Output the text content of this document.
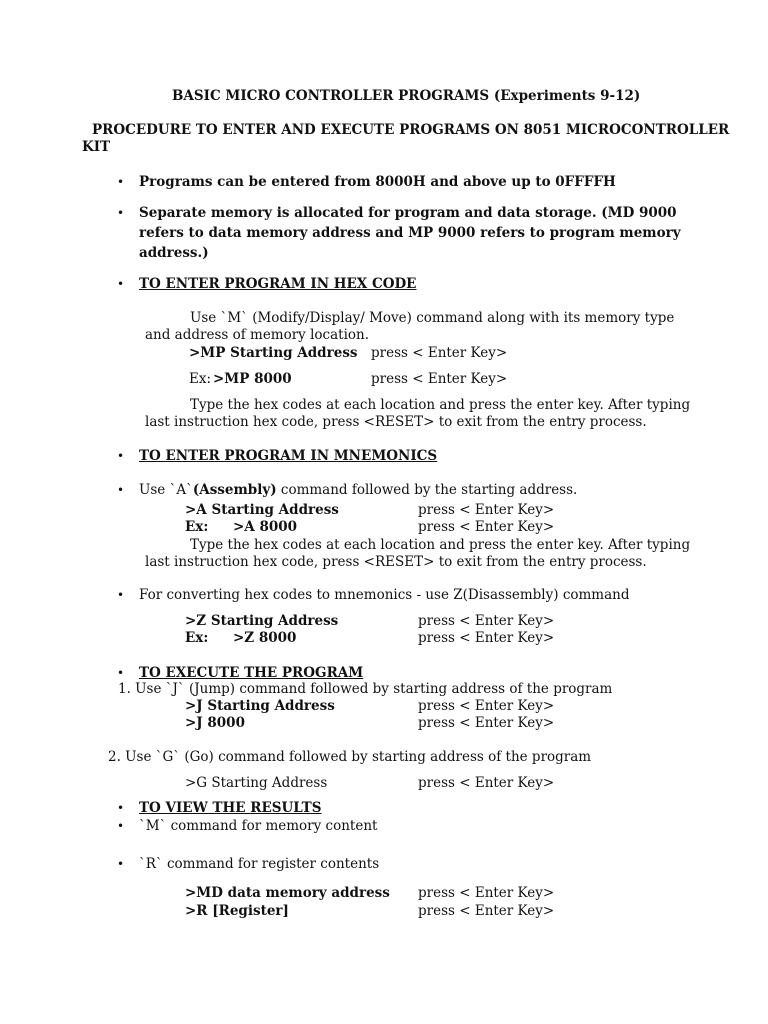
BASIC MICRO CONTROLLER PROGRAMS (Experiments 9-12)
PROCEDURE TO ENTER AND EXECUTE PROGRAMS ON 8051 MICROCONTROLLER
KIT
• Programs can be entered from 8000H and above up to 0FFFFH
• Separate memory is allocated for program and data storage. (MD 9000
refers to data memory address and MP 9000 refers to program memory
address.)
• TO ENTER PROGRAM IN HEX CODE
Use `M` (Modify/Display/ Move) command along with its memory type
and address of memory location.
>MP Starting Address press < Enter Key>
Ex: >MP 8000	press < Enter Key>
Type the hex codes at each location and press the enter key. After typing
last instruction hex code, press <RESET> to exit from the entry process.
• TO ENTER PROGRAM IN MNEMONICS
• Use `A`(Assembly) command followed by the starting address.
>A Starting Address	press < Enter Key>
Ex: >A 8000	press < Enter Key>
Type the hex codes at each location and press the enter key. After typing
last instruction hex code, press <RESET> to exit from the entry process.
• For converting hex codes to mnemonics - use Z(Disassembly) command
>Z Starting Address	press < Enter Key>
Ex: >Z 8000	press < Enter Key>
• TO EXECUTE THE PROGRAM
1. Use `J` (Jump) command followed by starting address of the program
>J Starting Address	press < Enter Key>
>J 8000	press < Enter Key>
2. Use `G` (Go) command followed by starting address of the program
>G Starting Address	press < Enter Key>
• TO VIEW THE RESULTS
• `M` command for memory content
• `R` command for register contents
>MD data memory address press < Enter Key>
>R [Register]	press < Enter Key>
